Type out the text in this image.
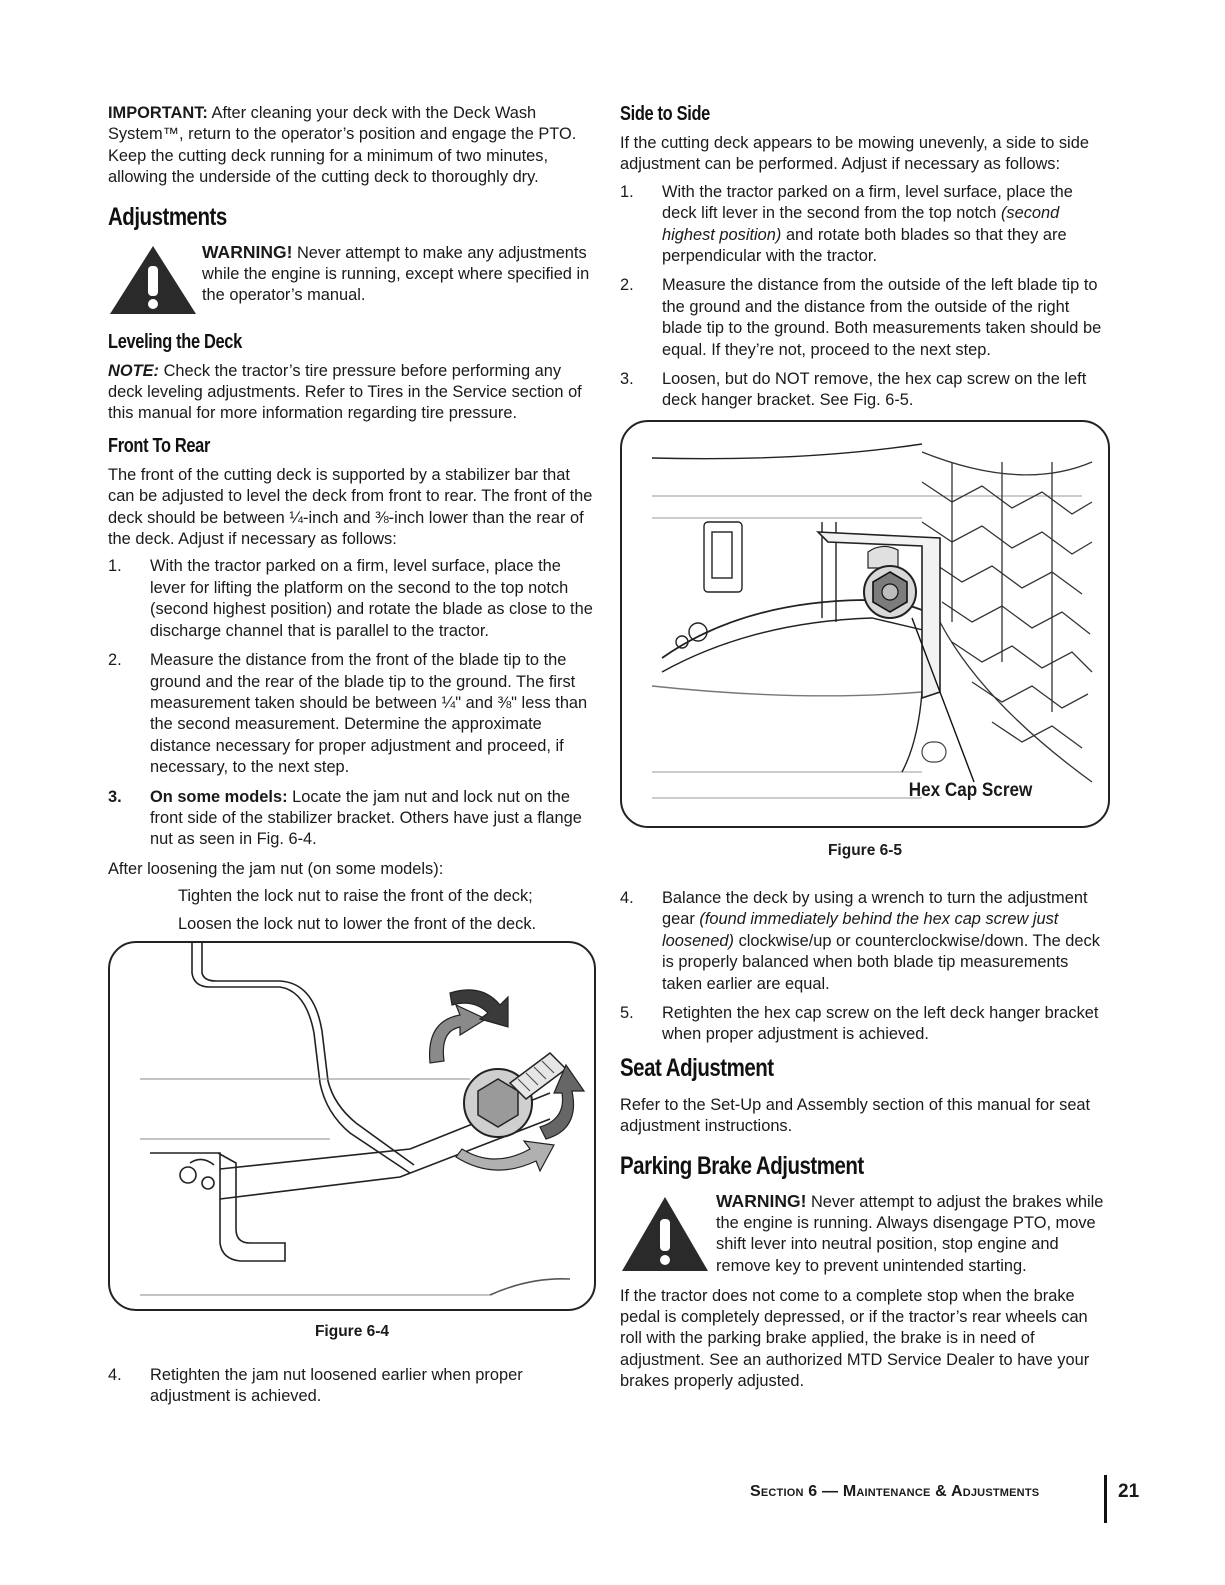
IMPORTANT: After cleaning your deck with the Deck Wash System™, return to the operator’s position and engage the PTO. Keep the cutting deck running for a minimum of two minutes, allowing the underside of the cutting deck to thoroughly dry.

Adjustments
WARNING! Never attempt to make any adjustments while the engine is running, except where specified in the operator’s manual.
Leveling the Deck

NOTE: Check the tractor’s tire pressure before performing any deck leveling adjustments. Refer to Tires in the Service section of this manual for more information regarding tire pressure.

Front To Rear

The front of the cutting deck is supported by a stabilizer bar that can be adjusted to level the deck from front to rear. The front of the deck should be between ¼-inch and ⅜-inch lower than the rear of the deck. Adjust if necessary as follows:

1.	With the tractor parked on a firm, level surface, place the lever for lifting the platform on the second to the top notch (second highest position) and rotate the blade as close to the discharge channel that is parallel to the tractor.
2.	Measure the distance from the front of the blade tip to the ground and the rear of the blade tip to the ground. The first measurement taken should be between ¼" and ⅜" less than the second measurement. Determine the approximate distance necessary for proper adjustment and proceed, if necessary, to the next step.
3.	On some models: Locate the jam nut and lock nut on the front side of the stabilizer bracket. Others have just a flange nut as seen in Fig. 6-4.

After loosening the jam nut (on some models):

Tighten the lock nut to raise the front of the deck;

Loosen the lock nut to lower the front of the deck.

Figure 6-4
4.	Retighten the jam nut loosened earlier when proper adjustment is achieved.
Side to Side

If the cutting deck appears to be mowing unevenly, a side to side adjustment can be performed. Adjust if necessary as follows:

1.	With the tractor parked on a firm, level surface, place the deck lift lever in the second from the top notch (second highest position) and rotate both blades so that they are perpendicular with the tractor.
2.	Measure the distance from the outside of the left blade tip to the ground and the distance from the outside of the right blade tip to the ground. Both measurements taken should be equal. If they’re not, proceed to the next step.
3.	Loosen, but do NOT remove, the hex cap screw on the left deck hanger bracket. See Fig. 6-5.
Hex Cap Screw
Figure 6-5
4.	Balance the deck by using a wrench to turn the adjustment gear (found immediately behind the hex cap screw just loosened) clockwise/up or counterclockwise/down. The deck is properly balanced when both blade tip measurements taken earlier are equal.
5.	Retighten the hex cap screw on the left deck hanger bracket when proper adjustment is achieved.
Seat Adjustment

Refer to the Set-Up and Assembly section of this manual for seat adjustment instructions.

Parking Brake Adjustment
WARNING! Never attempt to adjust the brakes while the engine is running. Always disengage PTO, move shift lever into neutral position, stop engine and remove key to prevent unintended starting.

If the tractor does not come to a complete stop when the brake pedal is completely depressed, or if the tractor’s rear wheels can roll with the parking brake applied, the brake is in need of adjustment. See an authorized MTD Service Dealer to have your brakes properly adjusted.

Section 6 — Maintenance & Adjustments	21
